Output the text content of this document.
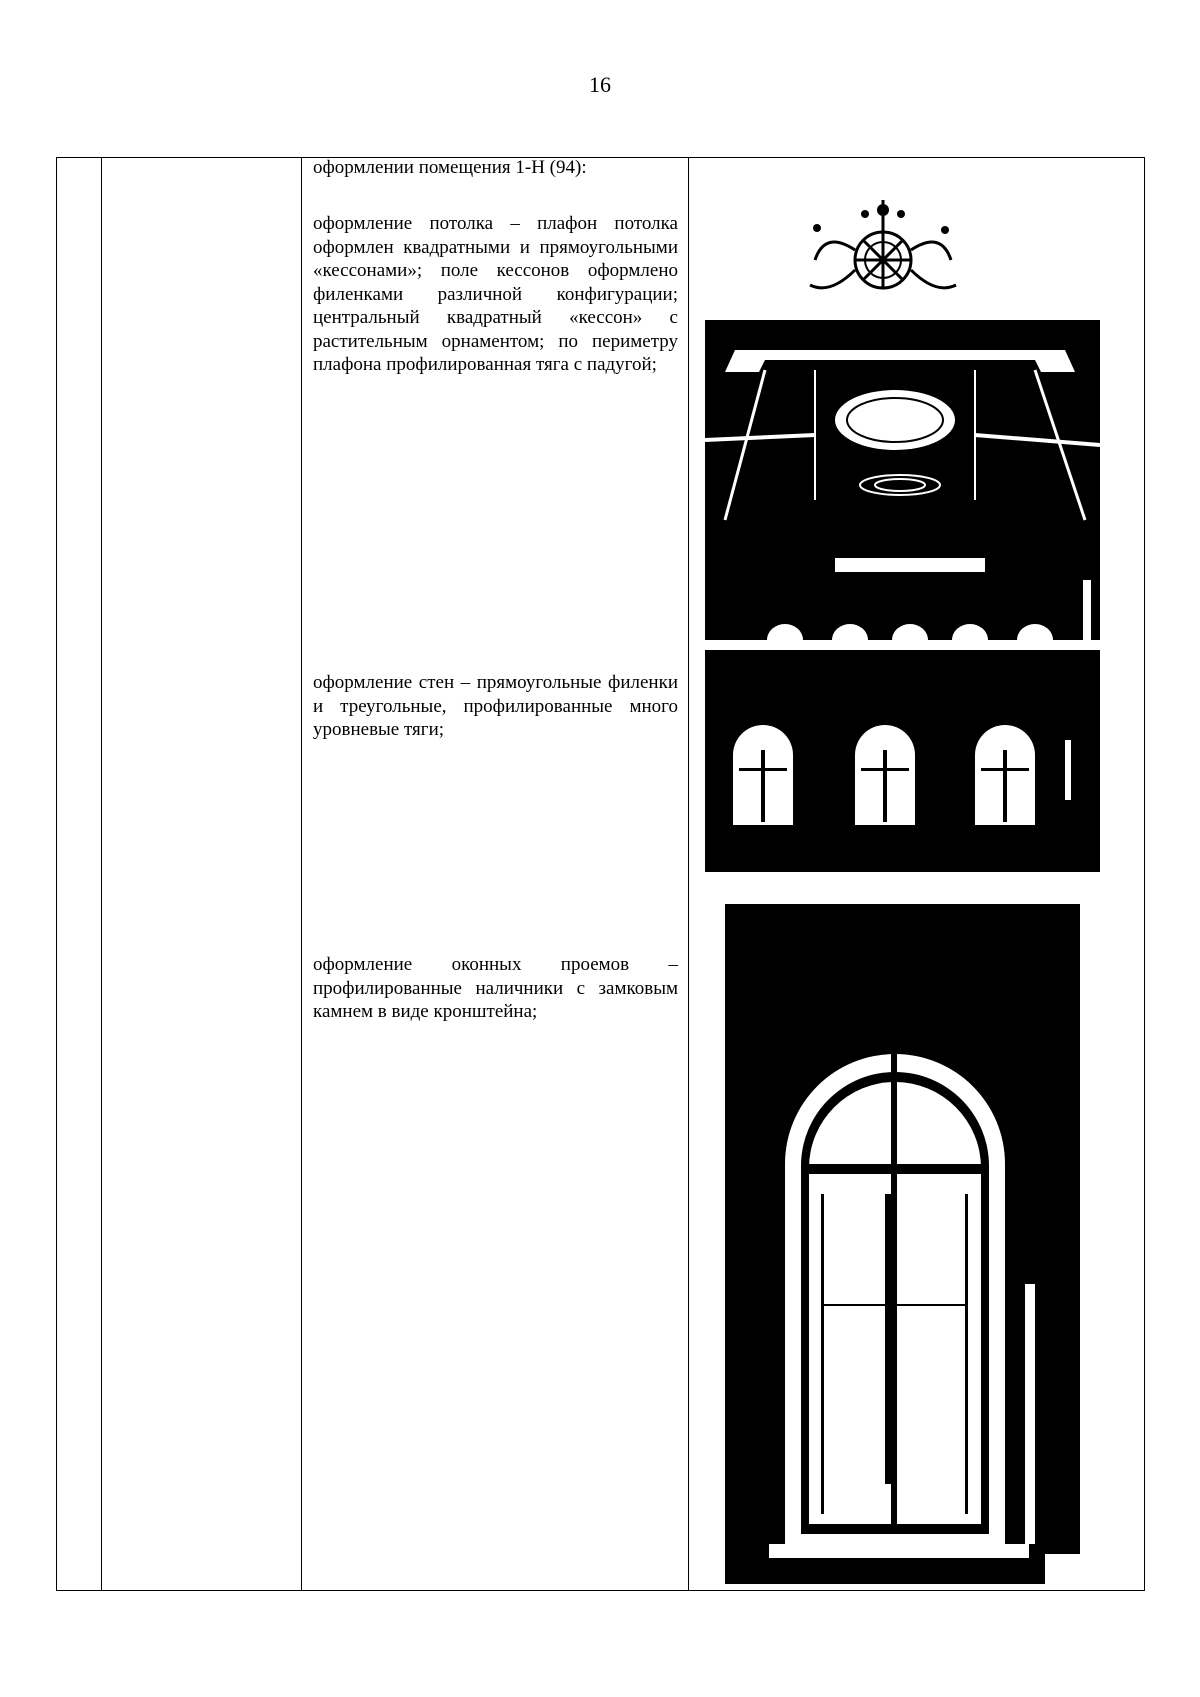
16

оформлении помещения 1-Н (94):

оформление потолка – плафон потолка оформлен квадратными и прямоугольными «кессонами»; поле кессонов оформлено филенками различной конфигурации; центральный квадратный «кессон» с растительным орнаментом; по периметру плафона профилированная тяга с падугой;

оформление стен – прямоугольные филенки и треугольные, профилированные много уровневые тяги;

оформление оконных проемов – профилированные наличники с замковым камнем в виде кронштейна;
